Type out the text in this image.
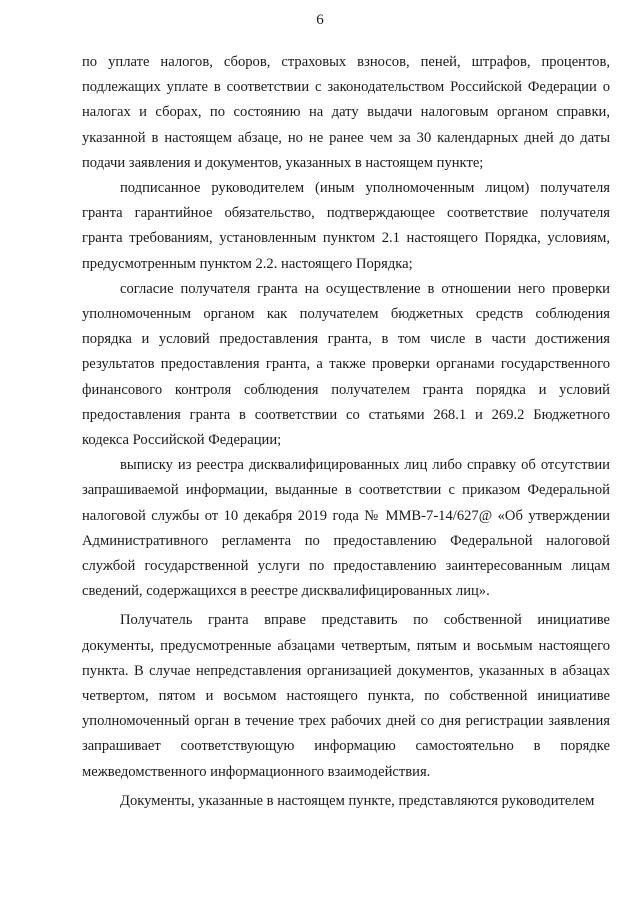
6

по уплате налогов, сборов, страховых взносов, пеней, штрафов, процентов, подлежащих уплате в соответствии с законодательством Российской Федерации о налогах и сборах, по состоянию на дату выдачи налоговым органом справки, указанной в настоящем абзаце, но не ранее чем за 30 календарных дней до даты подачи заявления и документов, указанных в настоящем пункте;

подписанное руководителем (иным уполномоченным лицом) получателя гранта гарантийное обязательство, подтверждающее соответствие получателя гранта требованиям, установленным пунктом 2.1 настоящего Порядка, условиям, предусмотренным пунктом 2.2. настоящего Порядка;

согласие получателя гранта на осуществление в отношении него проверки уполномоченным органом как получателем бюджетных средств соблюдения порядка и условий предоставления гранта, в том числе в части достижения результатов предоставления гранта, а также проверки органами государственного финансового контроля соблюдения получателем гранта порядка и условий предоставления гранта в соответствии со статьями 268.1 и 269.2 Бюджетного кодекса Российской Федерации;

выписку из реестра дисквалифицированных лиц либо справку об отсутствии запрашиваемой информации, выданные в соответствии с приказом Федеральной налоговой службы от 10 декабря 2019 года № ММВ-7-14/627@ «Об утверждении Административного регламента по предоставлению Федеральной налоговой службой государственной услуги по предоставлению заинтересованным лицам сведений, содержащихся в реестре дисквалифицированных лиц».

Получатель гранта вправе представить по собственной инициативе документы, предусмотренные абзацами четвертым, пятым и восьмым настоящего пункта. В случае непредставления организацией документов, указанных в абзацах четвертом, пятом и восьмом настоящего пункта, по собственной инициативе уполномоченный орган в течение трех рабочих дней со дня регистрации заявления запрашивает соответствующую информацию самостоятельно в порядке межведомственного информационного взаимодействия.

Документы, указанные в настоящем пункте, представляются руководителем
